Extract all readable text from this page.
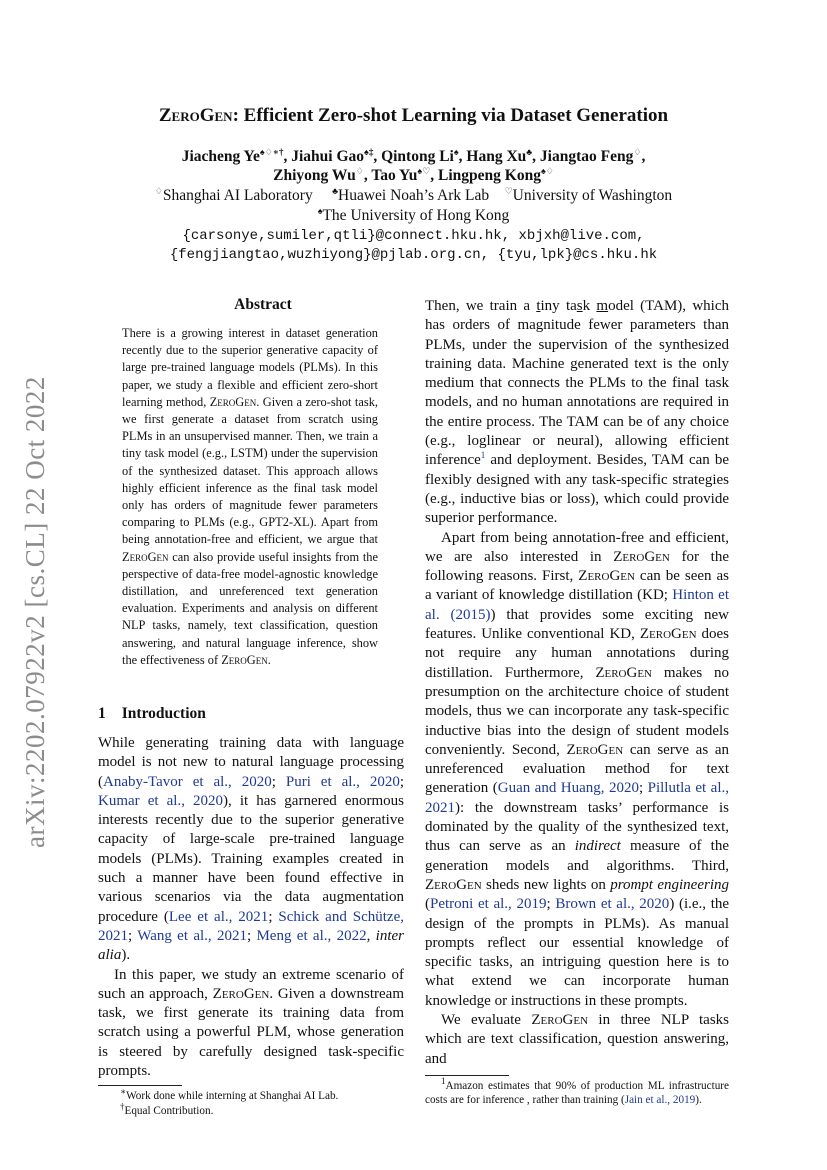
arXiv:2202.07922v2 [cs.CL] 22 Oct 2022
ZeroGen: Efficient Zero-shot Learning via Dataset Generation
Jiacheng Ye♠♢∗†, Jiahui Gao♠‡, Qintong Li♠, Hang Xu♣, Jiangtao Feng♢,
Zhiyong Wu♢, Tao Yu♠♡, Lingpeng Kong♠♢
♢Shanghai AI Laboratory ♣Huawei Noah’s Ark Lab ♡University of Washington
♠The University of Hong Kong
{carsonye,sumiler,qtli}@connect.hku.hk, xbjxh@live.com,
{fengjiangtao,wuzhiyong}@pjlab.org.cn, {tyu,lpk}@cs.hku.hk
Abstract
There is a growing interest in dataset generation recently due to the superior generative capacity of large pre-trained language models (PLMs). In this paper, we study a flexible and efficient zero-short learning method, ZeroGen. Given a zero-shot task, we first generate a dataset from scratch using PLMs in an unsupervised manner. Then, we train a tiny task model (e.g., LSTM) under the supervision of the synthesized dataset. This approach allows highly efficient inference as the final task model only has orders of magnitude fewer parameters comparing to PLMs (e.g., GPT2-XL). Apart from being annotation-free and efficient, we argue that ZeroGen can also provide useful insights from the perspective of data-free model-agnostic knowledge distillation, and unreferenced text generation evaluation. Experiments and analysis on different NLP tasks, namely, text classification, question answering, and natural language inference, show the effectiveness of ZeroGen.
1 Introduction

While generating training data with language model is not new to natural language processing (Anaby-Tavor et al., 2020; Puri et al., 2020; Kumar et al., 2020), it has garnered enormous interests recently due to the superior generative capacity of large-scale pre-trained language models (PLMs). Training examples created in such a manner have been found effective in various scenarios via the data augmentation procedure (Lee et al., 2021; Schick and Schütze, 2021; Wang et al., 2021; Meng et al., 2022, inter alia).

In this paper, we study an extreme scenario of such an approach, ZeroGen. Given a downstream task, we first generate its training data from scratch using a powerful PLM, whose generation is steered by carefully designed task-specific prompts.

∗Work done while interning at Shanghai AI Lab.
†Equal Contribution.

Then, we train a tiny task model (TAM), which has orders of magnitude fewer parameters than PLMs, under the supervision of the synthesized training data. Machine generated text is the only medium that connects the PLMs to the final task models, and no human annotations are required in the entire process. The TAM can be of any choice (e.g., loglinear or neural), allowing efficient inference$^1$ and deployment. Besides, TAM can be flexibly designed with any task-specific strategies (e.g., inductive bias or loss), which could provide superior performance.

Apart from being annotation-free and efficient, we are also interested in ZeroGen for the following reasons. First, ZeroGen can be seen as a variant of knowledge distillation (KD; Hinton et al. (2015)) that provides some exciting new features. Unlike conventional KD, ZeroGen does not require any human annotations during distillation. Furthermore, ZeroGen makes no presumption on the architecture choice of student models, thus we can incorporate any task-specific inductive bias into the design of student models conveniently. Second, ZeroGen can serve as an unreferenced evaluation method for text generation (Guan and Huang, 2020; Pillutla et al., 2021): the downstream tasks’ performance is dominated by the quality of the synthesized text, thus can serve as an indirect measure of the generation models and algorithms. Third, ZeroGen sheds new lights on prompt engineering (Petroni et al., 2019; Brown et al., 2020) (i.e., the design of the prompts in PLMs). As manual prompts reflect our essential knowledge of specific tasks, an intriguing question here is to what extend we can incorporate human knowledge or instructions in these prompts.

We evaluate ZeroGen in three NLP tasks which are text classification, question answering, and

$^1$Amazon estimates that 90% of production ML infrastructure costs are for inference , rather than training (Jain et al., 2019).
